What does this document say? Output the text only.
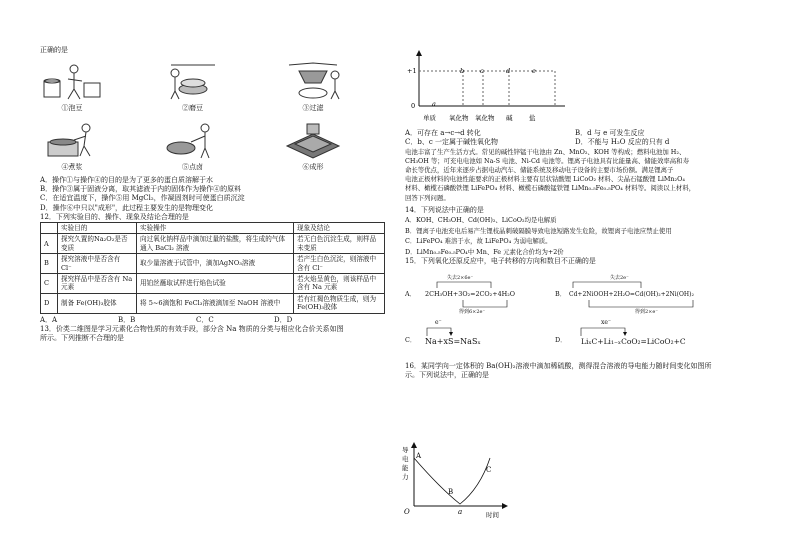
正确的是
①泡豆	②磨豆	③过滤
④煮浆	⑤点卤	⑥成形
A．操作①与操作④的目的是为了更多的蛋白质溶解于水
B．操作③属于固液分离，取其滤液于内的固体作为操作④的原料
C．在适宜温度下，操作⑤用 MgCl₂，作凝固剂时可使蛋白质沉淀
D．操作⑥中只以"成形"，此过程主要发生的是物理变化
12．下列实验目的、操作、现象及结论合理的是
	实验目的	实验操作	现象及结论
A	探究久置的Na₂O₂是否变质	向过氧化钠样品中滴加过量的盐酸，将生成的气体通入 BaCl₂ 溶液	若无白色沉淀生成，则样品未变质
B	探究溶液中是否含有 Cl⁻	取少量溶液于试管中，滴加AgNO₃溶液	若产生白色沉淀，则溶液中含有 Cl⁻
C	探究样品中是否含有 Na 元素	用铂丝蘸取试样进行焰色试验	若火焰呈黄色，则该样品中含有 Na 元素
D	制备 Fe(OH)₃胶体	将 5~6滴饱和 FeCl₃溶液滴加至 NaOH 溶液中	若有红褐色物质生成，则为 Fe(OH)₃胶体
A．A	B．B	C．C	D．D
13．价类二维图是学习元素化合物性质的有效手段，部分含 Na 物质的分类与相应化合价关系如图
所示。下列推断不合理的是
+1
0	a
b c	d	e
单质 氧化物 氧化物 碱	盐
A．可存在 a→c→d 转化	B．d 与 e 可发生反应
C．b、c 一定属于碱性氧化物	D．不能与 H₂O 反应的只有 d
电池丰富了生产生活方式。常见的碱性锌锰干电池由 Zn、MnO₂、KOH 等构成；燃料电池加 H₂、
CH₃OH 等；可充电电池如 Na-S 电池、Ni-Cd 电池等。锂离子电池具有比能量高、储能效率高和寿
命长等优点，近年来逐步占据电动汽车、储能系统及移动电子设备的主要市场份额。满足锂离子
电池正极材料的电池性能要求的正极材料主要有层状钴酸锂 LiCoO₂ 材料、尖晶石锰酸锂 LiMn₂O₄
材料、橄榄石磷酸铁锂 LiFePO₄ 材料、橄榄石磷酸锰铁锂 LiMn₀.₅Fe₀.₅PO₄ 材料等。阅读以上材料，
回答下列问题。
14．下列说法中正确的是
A．KOH、CH₃OH、Cd(OH)₂、LiCoO₂均是电解质
B．锂离子电池充电后易产生锂枝晶刺破隔膜导致电池短路发生危险，故锂离子电池应禁止使用
C．LiFePO₄ 难溶于水，故 LiFePO₄ 为弱电解质。
D．LiMn₀.₅Fe₀.₅PO₄中 Mn、Fe 元素化合价均为+2价
15．下列氧化还原反应中，电子转移的方向和数目不正确的是
A．
失去2×6e⁻
2CH₃OH+3O₂=2CO₂+4H₂O
得到6×2e⁻
B．
失去2e⁻
Cd+2NiOOH+2H₂O=Cd(OH)₂+2Ni(OH)₂
得到2×e⁻
C．
e⁻
Na+xS=NaSₓ	D．
xe⁻
LiₓC+Li₁₋ₓCoO₂=LiCoO₂+C
16．某同学向一定体积的 Ba(OH)₂溶液中滴加稀硫酸，测得混合溶液的导电能力随时间变化如图所
示。下列说法中，正确的是
导
电
能
力
A
B
C
O	a	时间
